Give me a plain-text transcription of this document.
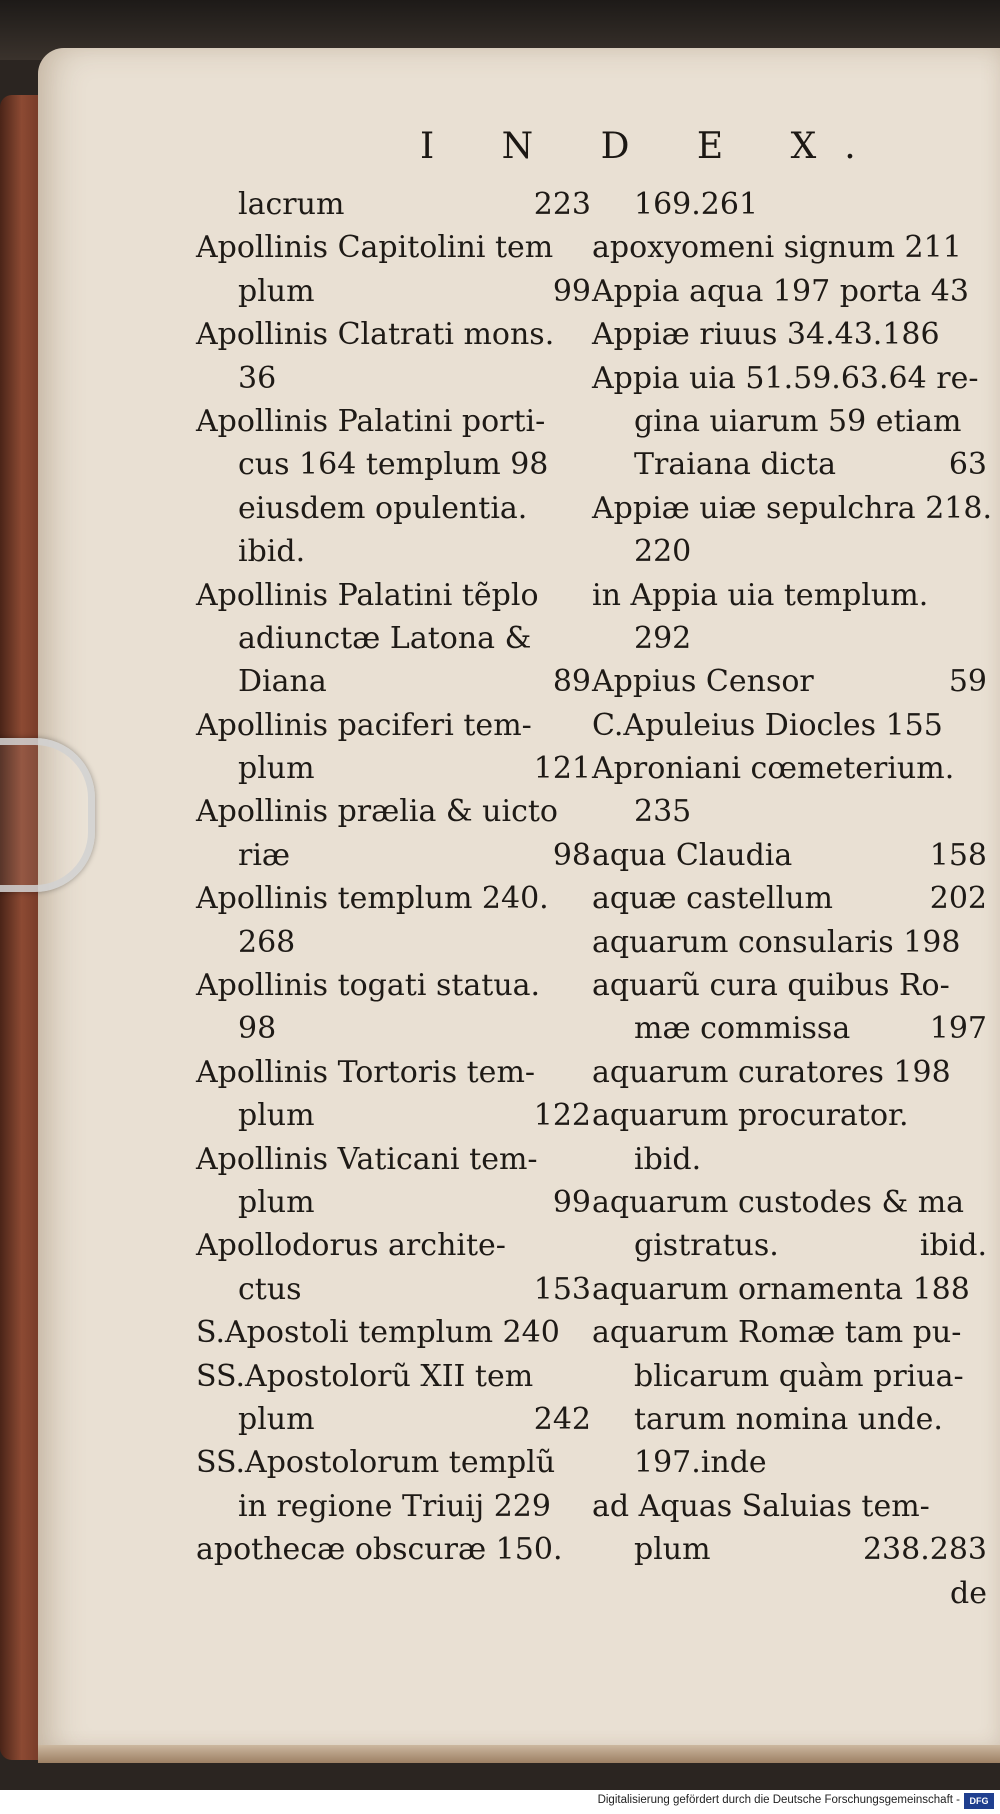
I N D E X.
lacrum	223
Apollinis Capitolini tem
plum	99
Apollinis Clatrati mons.
36
Apollinis Palatini porti-
cus 164 templum 98
eiusdem opulentia.
ibid.
Apollinis Palatini tẽplo
adiunctæ Latona &
Diana	89
Apollinis paciferi tem-
plum	121
Apollinis prælia & uicto
riæ	98
Apollinis templum 240.
268
Apollinis togati statua.
98
Apollinis Tortoris tem-
plum	122
Apollinis Vaticani tem-
plum	99
Apollodorus archite-
ctus	153
S.Apostoli templum 240
SS.Apostolorũ XII tem
plum	242
SS.Apostolorum templũ
in regione Triuij 229
apothecæ obscuræ 150.
169.261
apoxyomeni signum 211
Appia aqua 197 porta 43
Appiæ riuus 34.43.186
Appia uia 51.59.63.64 re-
gina uiarum 59 etiam
Traiana dicta	63
Appiæ uiæ sepulchra 218.
220
in Appia uia templum.
292
Appius Censor	59
C.Apuleius Diocles 155
Aproniani cœmeterium.
235
aqua Claudia	158
aquæ castellum	202
aquarum consularis 198
aquarũ cura quibus Ro-
mæ commissa	197
aquarum curatores 198
aquarum procurator.
ibid.
aquarum custodes & ma
gistratus.	ibid.
aquarum ornamenta 188
aquarum Romæ tam pu-
blicarum quàm priua-
tarum nomina unde.
197.inde
ad Aquas Saluias tem-
plum	238.283
de
Digitalisierung gefördert durch die Deutsche Forschungsgemeinschaft -	DFG
